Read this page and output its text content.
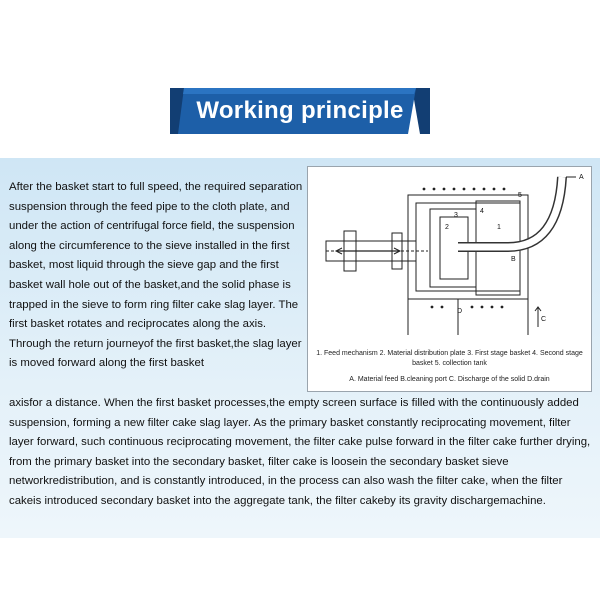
Working principle

After the basket start to full speed, the required separation suspension through the feed pipe to the cloth plate, and under the action of centrifugal force field, the suspension along the circumference to the sieve installed in the first basket, most liquid through the sieve gap and the first basket wall hole out of the basket,and the solid phase is trapped in the sieve to form ring filter cake slag layer. The first basket rotates and reciprocates along the axis. Through the return journeyof the first basket,the slag layer is moved forward along the first basket

A
B
C
D
1
2
3
4
5
1. Feed mechanism 2. Material distribution plate 3. First stage basket 4. Second stage basket 5. collection tank
A. Material feed B.cleaning port C. Discharge of the solid D.drain

axisfor a distance. When the first basket processes,the empty screen surface is filled with the continuously added suspension, forming a new filter cake slag layer. As the primary basket constantly reciprocating movement, filter layer forward, such continuous reciprocating movement, the filter cake pulse forward in the filter cake further drying, from the primary basket into the secondary basket, filter cake is loosein the secondary basket sieve networkredistribution, and is constantly introduced, in the process can also wash the filter cake, when the filter cakeis introduced secondary basket into the aggregate tank, the filter cakeby its gravity dischargemachine.
